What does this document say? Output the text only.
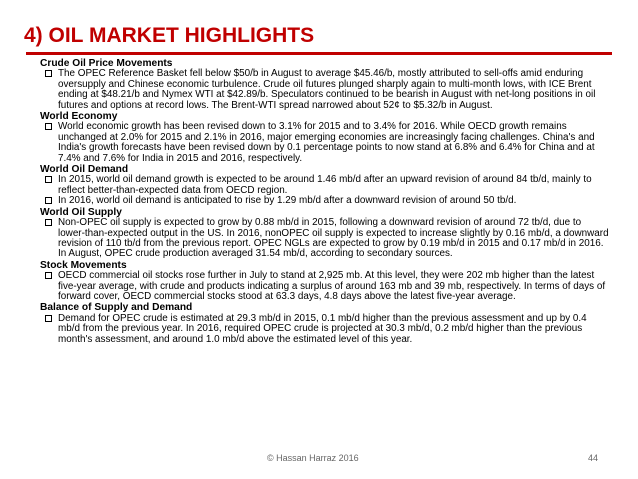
4) OIL MARKET HIGHLIGHTS
Crude Oil Price Movements
The OPEC Reference Basket fell below $50/b in August to average $45.46/b, mostly attributed to sell-offs amid enduring oversupply and Chinese economic turbulence. Crude oil futures plunged sharply again to multi-month lows, with ICE Brent ending at $48.21/b and Nymex WTI at $42.89/b. Speculators continued to be bearish in August with net-long positions in oil futures and options at record lows. The Brent-WTI spread narrowed about 52¢ to $5.32/b in August.
World Economy
World economic growth has been revised down to 3.1% for 2015 and to 3.4% for 2016. While OECD growth remains unchanged at 2.0% for 2015 and 2.1% in 2016, major emerging economies are increasingly facing challenges. China's and India's growth forecasts have been revised down by 0.1 percentage points to now stand at 6.8% and 6.4% for China and at 7.4% and 7.6% for India in 2015 and 2016, respectively.
World Oil Demand
In 2015, world oil demand growth is expected to be around 1.46 mb/d after an upward revision of around 84 tb/d, mainly to reflect better-than-expected data from OECD region.
In 2016, world oil demand is anticipated to rise by 1.29 mb/d after a downward revision of around 50 tb/d.
World Oil Supply
Non-OPEC oil supply is expected to grow by 0.88 mb/d in 2015, following a downward revision of around 72 tb/d, due to lower-than-expected output in the US. In 2016, nonOPEC oil supply is expected to increase slightly by 0.16 mb/d, a downward revision of 110 tb/d from the previous report. OPEC NGLs are expected to grow by 0.19 mb/d in 2015 and 0.17 mb/d in 2016. In August, OPEC crude production averaged 31.54 mb/d, according to secondary sources.
Stock Movements
OECD commercial oil stocks rose further in July to stand at 2,925 mb. At this level, they were 202 mb higher than the latest five-year average, with crude and products indicating a surplus of around 163 mb and 39 mb, respectively. In terms of days of forward cover, OECD commercial stocks stood at 63.3 days, 4.8 days above the latest five-year average.
Balance of Supply and Demand
Demand for OPEC crude is estimated at 29.3 mb/d in 2015, 0.1 mb/d higher than the previous assessment and up by 0.4 mb/d from the previous year. In 2016, required OPEC crude is projected at 30.3 mb/d, 0.2 mb/d higher than the previous month's assessment, and around 1.0 mb/d above the estimated level of this year.
© Hassan Harraz 2016	44
